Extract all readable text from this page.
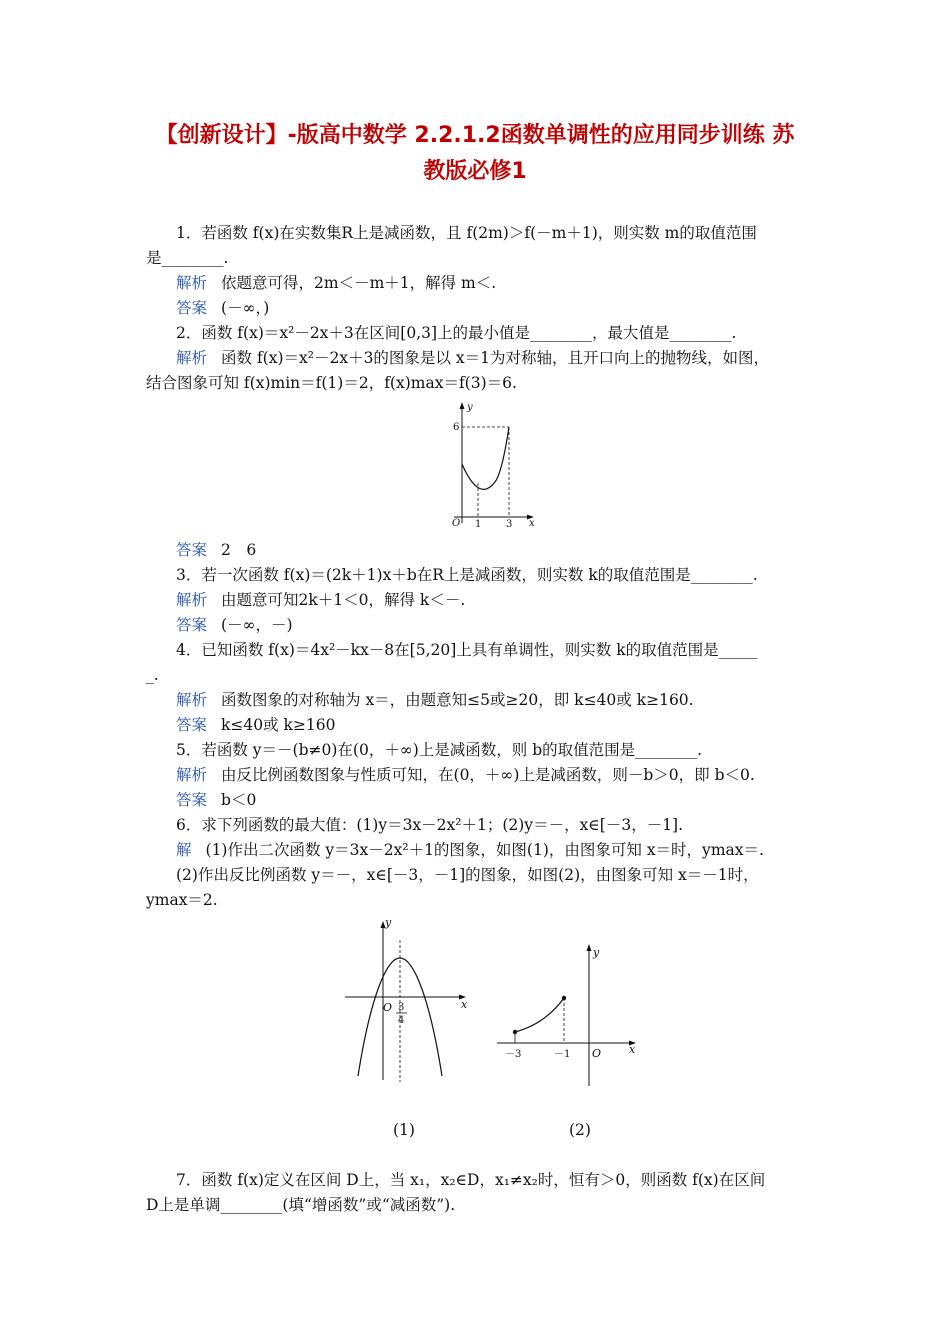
【创新设计】-版高中数学 2.2.1.2函数单调性的应用同步训练 苏
教版必修1
1．若函数 f(x)在实数集R上是减函数，且 f(2m)＞f(－m＋1)，则实数 m的取值范围
是________.
解析 依题意可得，2m＜－m＋1，解得 m＜.
答案 (－∞，)
2．函数 f(x)＝x²－2x＋3在区间[0,3]上的最小值是________，最大值是________.
解析 函数 f(x)＝x²－2x＋3的图象是以 x＝1为对称轴，且开口向上的抛物线，如图，
结合图象可知 f(x)min＝f(1)＝2，f(x)max＝f(3)＝6.
y
x
O 1 3
6
答案 2　6
3．若一次函数 f(x)＝(2k＋1)x＋b在R上是减函数，则实数 k的取值范围是________.
解析 由题意可知2k＋1＜0，解得 k＜－.
答案 (－∞，－)
4．已知函数 f(x)＝4x²－kx－8在[5,20]上具有单调性，则实数 k的取值范围是_____
_.
解析 函数图象的对称轴为 x＝，由题意知≤5或≥20，即 k≤40或 k≥160.
答案 k≤40或 k≥160
5．若函数 y＝－(b≠0)在(0，＋∞)上是减函数，则 b的取值范围是________.
解析 由反比例函数图象与性质可知，在(0，＋∞)上是减函数，则－b＞0，即 b＜0.
答案 b＜0
6．求下列函数的最大值：(1)y＝3x－2x²＋1；(2)y＝－，x∈[－3，－1].
解 (1)作出二次函数 y＝3x－2x²＋1的图象，如图(1)，由图象可知 x＝时，ymax＝.
(2)作出反比例函数 y＝－，x∈[－3，－1]的图象，如图(2)，由图象可知 x＝－1时，
ymax＝2.
y
x
O 3
4
y
x
O
－3	－1
(1)	(2)
7．函数 f(x)定义在区间 D上，当 x₁，x₂∈D，x₁≠x₂时，恒有＞0，则函数 f(x)在区间
D上是单调________(填“增函数”或“减函数”).
